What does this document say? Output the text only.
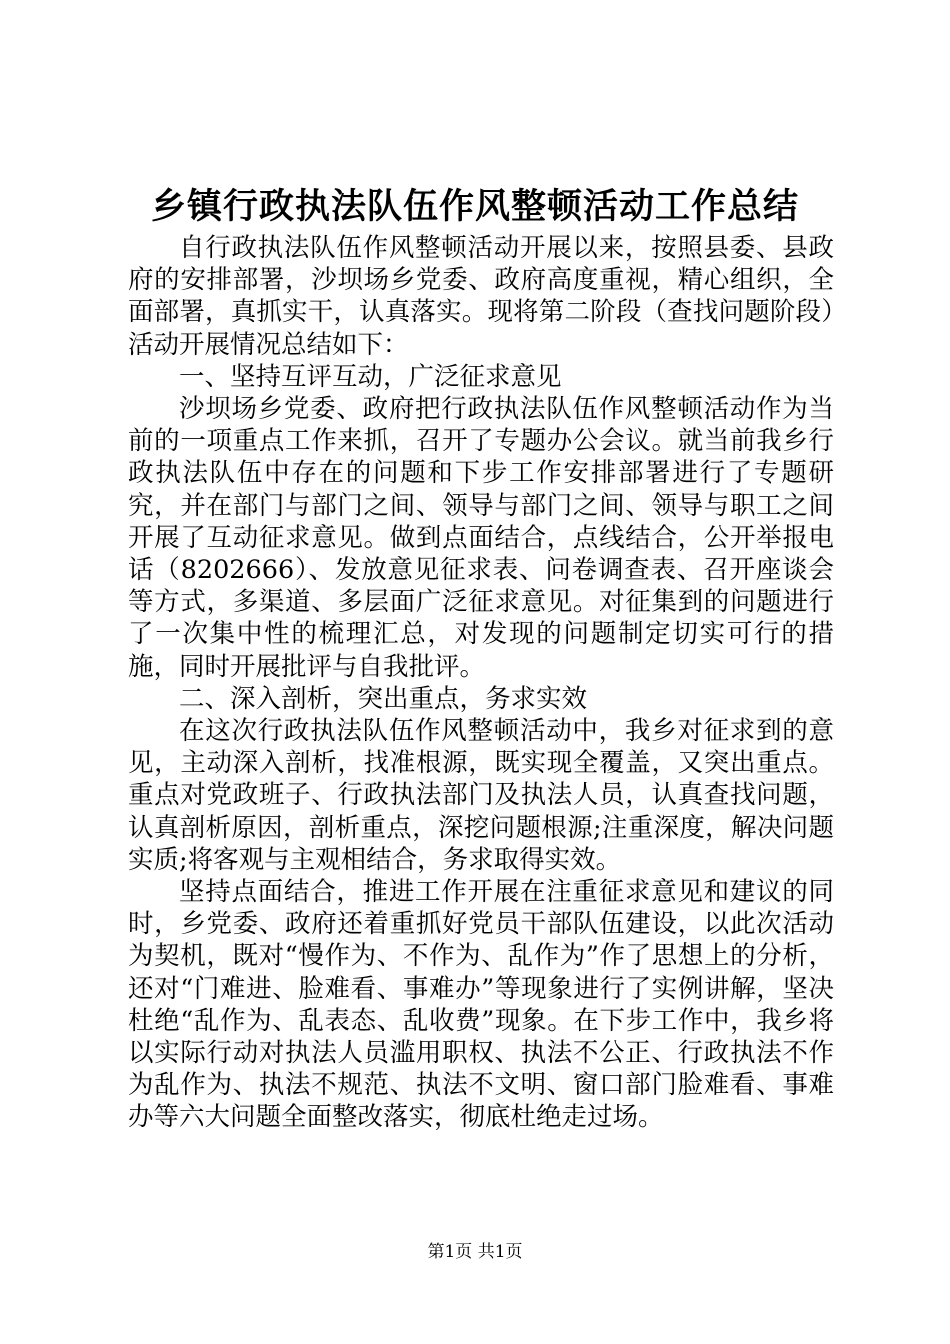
乡镇行政执法队伍作风整顿活动工作总结

自行政执法队伍作风整顿活动开展以来，按照县委、县政府的安排部署，沙坝场乡党委、政府高度重视，精心组织，全面部署，真抓实干，认真落实。现将第二阶段（查找问题阶段）活动开展情况总结如下：

一、坚持互评互动，广泛征求意见

沙坝场乡党委、政府把行政执法队伍作风整顿活动作为当前的一项重点工作来抓，召开了专题办公会议。就当前我乡行政执法队伍中存在的问题和下步工作安排部署进行了专题研究，并在部门与部门之间、领导与部门之间、领导与职工之间开展了互动征求意见。做到点面结合，点线结合，公开举报电话（8202666）、发放意见征求表、问卷调查表、召开座谈会等方式，多渠道、多层面广泛征求意见。对征集到的问题进行了一次集中性的梳理汇总，对发现的问题制定切实可行的措施，同时开展批评与自我批评。

二、深入剖析，突出重点，务求实效

在这次行政执法队伍作风整顿活动中，我乡对征求到的意见，主动深入剖析，找准根源，既实现全覆盖，又突出重点。重点对党政班子、行政执法部门及执法人员，认真查找问题，认真剖析原因，剖析重点，深挖问题根源;注重深度，解决问题实质;将客观与主观相结合，务求取得实效。

坚持点面结合，推进工作开展在注重征求意见和建议的同时，乡党委、政府还着重抓好党员干部队伍建设，以此次活动为契机，既对“慢作为、不作为、乱作为”作了思想上的分析，还对“门难进、脸难看、事难办”等现象进行了实例讲解，坚决杜绝“乱作为、乱表态、乱收费”现象。在下步工作中，我乡将以实际行动对执法人员滥用职权、执法不公正、行政执法不作为乱作为、执法不规范、执法不文明、窗口部门脸难看、事难办等六大问题全面整改落实，彻底杜绝走过场。

第1页 共1页
